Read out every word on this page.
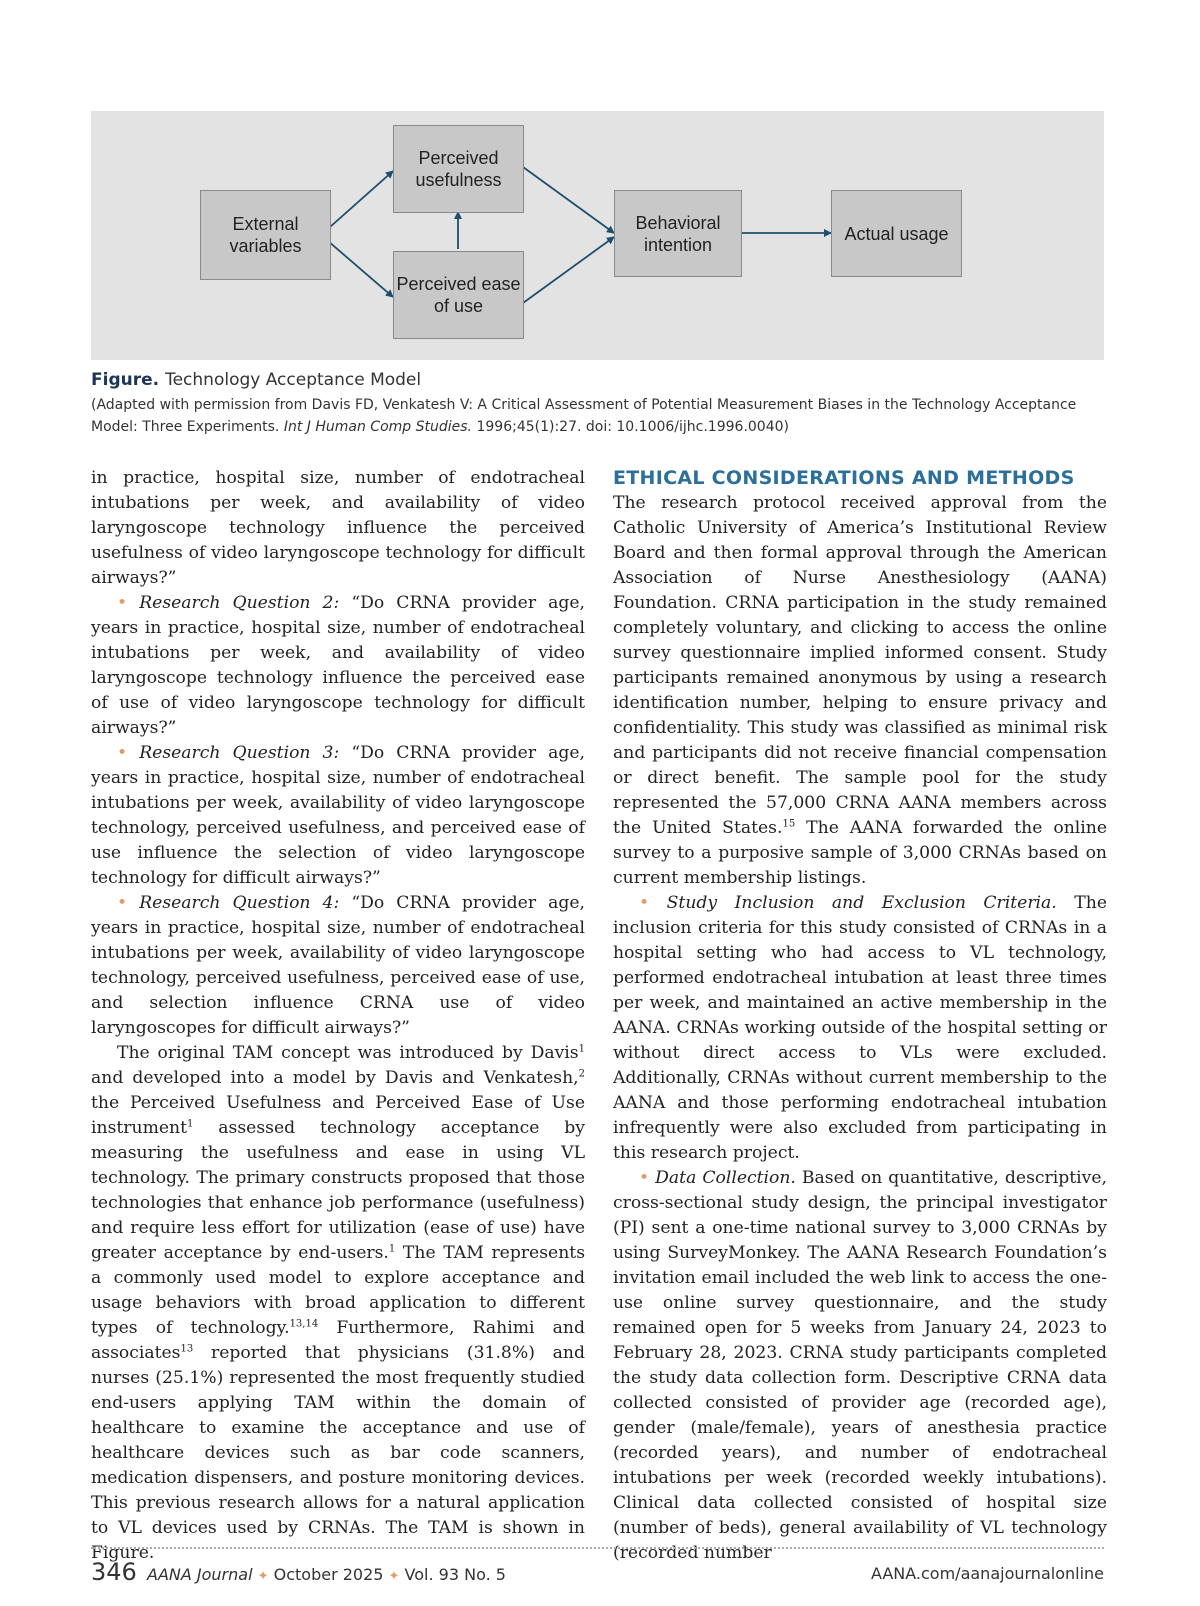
External variables
Perceived usefulness
Perceived ease of use
Behavioral intention
Actual usage
Figure. Technology Acceptance Model
(Adapted with permission from Davis FD, Venkatesh V: A Critical Assessment of Potential Measurement Biases in the Technology Acceptance Model: Three Experiments. Int J Human Comp Studies. 1996;45(1):27. doi: 10.1006/ijhc.1996.0040)

in practice, hospital size, number of endotracheal intubations per week, and availability of video laryngoscope technology influence the perceived usefulness of video laryngoscope technology for difficult airways?”

• Research Question 2: “Do CRNA provider age, years in practice, hospital size, number of endotracheal intubations per week, and availability of video laryngoscope technology influence the perceived ease of use of video laryngoscope technology for difficult airways?”

• Research Question 3: “Do CRNA provider age, years in practice, hospital size, number of endotracheal intubations per week, availability of video laryngoscope technology, perceived usefulness, and perceived ease of use influence the selection of video laryngoscope technology for difficult airways?”

• Research Question 4: “Do CRNA provider age, years in practice, hospital size, number of endotracheal intubations per week, availability of video laryngoscope technology, perceived usefulness, perceived ease of use, and selection influence CRNA use of video laryngoscopes for difficult airways?”

The original TAM concept was introduced by Davis$^1$ and developed into a model by Davis and Venkatesh,$^2$ the Perceived Usefulness and Perceived Ease of Use instrument$^1$ assessed technology acceptance by measuring the usefulness and ease in using VL technology. The primary constructs proposed that those technologies that enhance job performance (usefulness) and require less effort for utilization (ease of use) have greater acceptance by end-users.$^1$ The TAM represents a commonly used model to explore acceptance and usage behaviors with broad application to different types of technology.$^{13,14}$ Furthermore, Rahimi and associates$^{13}$ reported that physicians (31.8%) and nurses (25.1%) represented the most frequently studied end-users applying TAM within the domain of healthcare to examine the acceptance and use of healthcare devices such as bar code scanners, medication dispensers, and posture monitoring devices. This previous research allows for a natural application to VL devices used by CRNAs. The TAM is shown in Figure.

ETHICAL CONSIDERATIONS AND METHODS

The research protocol received approval from the Catholic University of America’s Institutional Review Board and then formal approval through the American Association of Nurse Anesthesiology (AANA) Foundation. CRNA participation in the study remained completely voluntary, and clicking to access the online survey questionnaire implied informed consent. Study participants remained anonymous by using a research identification number, helping to ensure privacy and confidentiality. This study was classified as minimal risk and participants did not receive financial compensation or direct benefit. The sample pool for the study represented the 57,000 CRNA AANA members across the United States.$^{15}$ The AANA forwarded the online survey to a purposive sample of 3,000 CRNAs based on current membership listings.

• Study Inclusion and Exclusion Criteria. The inclusion criteria for this study consisted of CRNAs in a hospital setting who had access to VL technology, performed endotracheal intubation at least three times per week, and maintained an active membership in the AANA. CRNAs working outside of the hospital setting or without direct access to VLs were excluded. Additionally, CRNAs without current membership to the AANA and those performing endotracheal intubation infrequently were also excluded from participating in this research project.

• Data Collection. Based on quantitative, descriptive, cross-sectional study design, the principal investigator (PI) sent a one-time national survey to 3,000 CRNAs by using SurveyMonkey. The AANA Research Foundation’s invitation email included the web link to access the one-use online survey questionnaire, and the study remained open for 5 weeks from January 24, 2023 to February 28, 2023. CRNA study participants completed the study data collection form. Descriptive CRNA data collected consisted of provider age (recorded age), gender (male/female), years of anesthesia practice (recorded years), and number of endotracheal intubations per week (recorded weekly intubations). Clinical data collected consisted of hospital size (number of beds), general availability of VL technology (recorded number

346 AANA Journal ✦ October 2025 ✦ Vol. 93 No. 5	AANA.com/aanajournalonline
